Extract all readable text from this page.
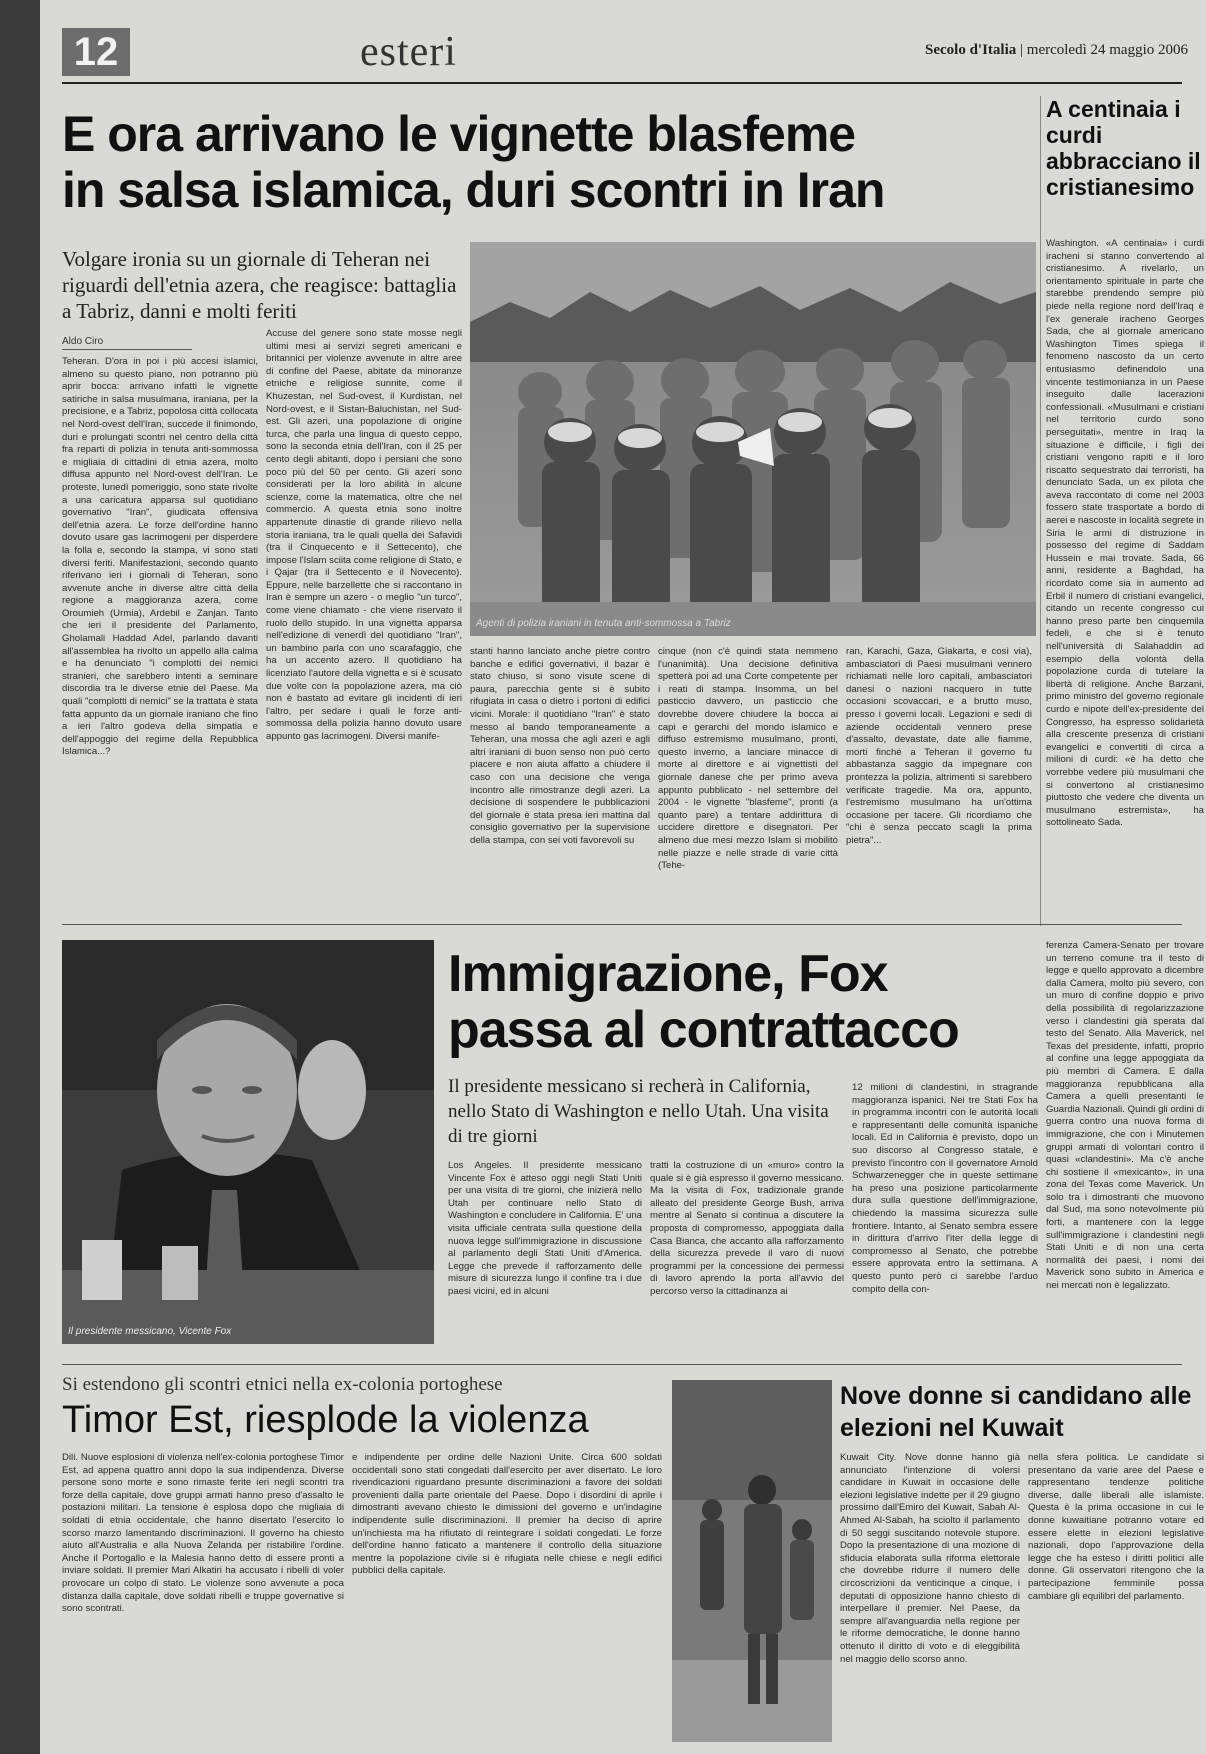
12	esteri	Secolo d'Italia | mercoledì 24 maggio 2006
E ora arrivano le vignette blasfeme
in salsa islamica, duri scontri in Iran
Volgare ironia su un giornale di Teheran nei riguardi dell'etnia azera, che reagisce: battaglia a Tabriz, danni e molti feriti
Aldo Ciro
Teheran. D'ora in poi i più accesi islamici, almeno su questo piano, non potranno più aprir bocca: arrivano infatti le vignette satiriche in salsa musulmana, iraniana, per la precisione, e a Tabriz, popolosa città collocata nel Nord-ovest dell'Iran, succede il finimondo, duri e prolungati scontri nel centro della città fra reparti di polizia in tenuta anti-sommossa e migliaia di cittadini di etnia azera, molto diffusa appunto nel Nord-ovest dell'Iran. Le proteste, lunedì pomeriggio, sono state rivolte a una caricatura apparsa sul quotidiano governativo "Iran", giudicata offensiva dell'etnia azera. Le forze dell'ordine hanno dovuto usare gas lacrimogeni per disperdere la folla e, secondo la stampa, vi sono stati diversi feriti. Manifestazioni, secondo quanto riferivano ieri i giornali di Teheran, sono avvenute anche in diverse altre città della regione a maggioranza azera, come Oroumieh (Urmia), Ardebil e Zanjan. Tanto che ieri il presidente del Parlamento, Gholamali Haddad Adel, parlando davanti all'assemblea ha rivolto un appello alla calma e ha denunciato "i complotti dei nemici stranieri, che sarebbero intenti a seminare discordia tra le diverse etnie del Paese. Ma quali "complotti di nemici" se la trattata è stata fatta appunto da un giornale iraniano che fino a ieri l'altro godeva della simpatia e dell'appoggio del regime della Repubblica Islamica...?
Accuse del genere sono state mosse negli ultimi mesi ai servizi segreti americani e britannici per violenze avvenute in altre aree di confine del Paese, abitate da minoranze etniche e religiose sunnite, come il Khuzestan, nel Sud-ovest, il Kurdistan, nel Nord-ovest, e il Sistan-Baluchistan, nel Sud-est. Gli azeri, una popolazione di origine turca, che parla una lingua di questo ceppo, sono la seconda etnia dell'Iran, con il 25 per cento degli abitanti, dopo i persiani che sono poco più del 50 per cento. Gli azeri sono considerati per la loro abilità in alcune scienze, come la matematica, oltre che nel commercio. A questa etnia sono inoltre appartenute dinastie di grande rilievo nella storia iraniana, tra le quali quella dei Safavidi (tra il Cinquecento e il Settecento), che impose l'Islam sciita come religione di Stato, e i Qajar (tra il Settecento e il Novecento). Eppure, nelle barzellette che si raccontano in Iran è sempre un azero - o meglio "un turco", come viene chiamato - che viene riservato il ruolo dello stupido. In una vignetta apparsa nell'edizione di venerdì del quotidiano "Iran", un bambino parla con uno scarafaggio, che ha un accento azero. Il quotidiano ha licenziato l'autore della vignetta e si è scusato due volte con la popolazione azera, ma ciò non è bastato ad evitare gli incidenti di ieri l'altro, per sedare i quali le forze anti-sommossa della polizia hanno dovuto usare appunto gas lacrimogeni. Diversi manife-
Agenti di polizia iraniani in tenuta anti-sommossa a Tabriz
stanti hanno lanciato anche pietre contro banche e edifici governativi, il bazar è stato chiuso, si sono visute scene di paura, parecchia gente si è subito rifugiata in casa o dietro i portoni di edifici vicini. Morale: il quotidiano "Iran" è stato messo al bando temporaneamente a Teheran, una mossa che agli azeri e agli altri iraniani di buon senso non può certo piacere e non aiuta affatto a chiudere il caso con una decisione che venga incontro alle rimostranze degli azeri. La decisione di sospendere le pubblicazioni del giornale è stata presa ieri mattina dal consiglio governativo per la supervisione della stampa, con sei voti favorevoli su
cinque (non c'è quindi stata nemmeno l'unanimità). Una decisione definitiva spetterà poi ad una Corte competente per i reati di stampa. Insomma, un bel pasticcio davvero, un pasticcio che dovrebbe dovere chiudere la bocca ai capi e gerarchi del mondo islamico e diffuso estremismo musulmano, pronti, questo inverno, a lanciare minacce di morte al direttore e ai vignettisti del giornale danese che per primo aveva appunto pubblicato - nel settembre del 2004 - le vignette "blasfeme", pronti (a quanto pare) a tentare addirittura di uccidere direttore e disegnatori. Per almeno due mesi mezzo Islam si mobilitò nelle piazze e nelle strade di varie città (Tehe-
ran, Karachi, Gaza, Giakarta, e così via), ambasciatori di Paesi musulmani vennero richiamati nelle loro capitali, ambasciatori danesi o nazioni nacquero in tutte occasioni scovaccari, e a brutto muso, presso i governi locali. Legazioni e sedi di aziende occidentali vennero prese d'assalto, devastate, date alle fiamme, morti finché a Teheran il governo fu abbastanza saggio da impegnare con prontezza la polizia, altrimenti si sarebbero verificate tragedie. Ma ora, appunto, l'estremismo musulmano ha un'ottima occasione per tacere. Gli ricordiamo che "chi è senza peccato scagli la prima pietra"...
A centinaia i curdi abbracciano il cristianesimo
Washington. «A centinaia» i curdi iracheni si stanno convertendo al cristianesimo. A rivelarlo, un orientamento spirituale in parte che starebbe prendendo sempre più piede nella regione nord dell'Iraq è l'ex generale iracheno Georges Sada, che al giornale americano Washington Times spiega il fenomeno nascosto da un certo entusiasmo definendolo una vincente testimonianza in un Paese inseguito dalle lacerazioni confessionali. «Musulmani e cristiani nel territorio curdo sono perseguitati», mentre in Iraq la situazione è difficile, i figli dei cristiani vengono rapiti e il loro riscatto sequestrato dai terroristi, ha denunciato Sada, un ex pilota che aveva raccontato di come nel 2003 fossero state trasportate a bordo di aerei e nascoste in località segrete in Siria le armi di distruzione in possesso del regime di Saddam Hussein e mai trovate. Sada, 66 anni, residente a Baghdad, ha ricordato come sia in aumento ad Erbil il numero di cristiani evangelici, citando un recente congresso cui hanno preso parte ben cinquemila fedeli, e che si è tenuto nell'università di Salahaddin ad esempio della volontà della popolazione curda di tutelare la libertà di religione. Anche Barzani, primo ministro del governo regionale curdo e nipote dell'ex-presidente del Congresso, ha espresso solidarietà alla crescente presenza di cristiani evangelici e convertiti di circa a milioni di curdi: «è ha detto che vorrebbe vedere più musulmani che si convertono al cristianesimo piuttosto che vedere che diventa un musulmano estremista», ha sottolineato Sada.
Il presidente messicano, Vicente Fox
Immigrazione, Fox
passa al contrattacco
Il presidente messicano si recherà in California, nello Stato di Washington e nello Utah. Una visita di tre giorni
Los Angeles. Il presidente messicano Vincente Fox è atteso oggi negli Stati Uniti per una visita di tre giorni, che inizierà nello Utah per continuare nello Stato di Washington e concludere in California. E' una visita ufficiale centrata sulla questione della nuova legge sull'immigrazione in discussione al parlamento degli Stati Uniti d'America. Legge che prevede il rafforzamento delle misure di sicurezza lungo il confine tra i due paesi vicini, ed in alcuni
tratti la costruzione di un «muro» contro la quale si è già espresso il governo messicano. Ma la visita di Fox, tradizionale grande alleato del presidente George Bush, arriva mentre al Senato si continua a discutere la proposta di compromesso, appoggiata dalla Casa Bianca, che accanto alla rafforzamento della sicurezza prevede il varo di nuovi programmi per la concessione dei permessi di lavoro aprendo la porta all'avvio del percorso verso la cittadinanza ai
12 milioni di clandestini, in stragrande maggioranza ispanici. Nei tre Stati Fox ha in programma incontri con le autorità locali e rappresentanti delle comunità ispaniche locali. Ed in California è previsto, dopo un suo discorso al Congresso statale, è previsto l'incontro con il governatore Arnold Schwarzenegger che in queste settimane ha preso una posizione particolarmente dura sulla questione dell'immigrazione, chiedendo la massima sicurezza sulle frontiere. Intanto, al Senato sembra essere in dirittura d'arrivo l'iter della legge di compromesso al Senato, che potrebbe essere approvata entro la settimana. A questo punto però ci sarebbe l'arduo compito della con-
ferenza Camera-Senato per trovare un terreno comune tra il testo di legge e quello approvato a dicembre dalla Camera, molto più severo, con un muro di confine doppio e privo della possibilità di regolarizzazione verso i clandestini già sperata dal testo del Senato. Alla Maverick, nel Texas del presidente, infatti, proprio al confine una legge appoggiata da più membri di Camera. E dalla maggioranza repubblicana alla Camera a quelli presentanti le Guardia Nazionali. Quindi gli ordini di guerra contro una nuova forma di immigrazione, che con i Minutemen gruppi armati di volontari contro il quasi «clandestini». Ma c'è anche chi sostiene il «mexicanto», in una zona del Texas come Maverick. Un solo tra i dimostranti che muovono dal Sud, ma sono notevolmente più forti, a mantenere con la legge sull'immigrazione i clandestini negli Stati Uniti e di non una certa normalità dei paesi, i nomi dei Maverick sono subito in America e nei mercati non è legalizzato.
Si estendono gli scontri etnici nella ex-colonia portoghese
Timor Est, riesplode la violenza
Dili. Nuove esplosioni di violenza nell'ex-colonia portoghese Timor Est, ad appena quattro anni dopo la sua indipendenza. Diverse persone sono morte e sono rimaste ferite ieri negli scontri tra forze della capitale, dove gruppi armati hanno preso d'assalto le postazioni militari. La tensione è esplosa dopo che migliaia di soldati di etnia occidentale, che hanno disertato l'esercito lo scorso marzo lamentando discriminazioni. Il governo ha chiesto aiuto all'Australia e alla Nuova Zelanda per ristabilire l'ordine. Anche il Portogallo e la Malesia hanno detto di essere pronti a inviare soldati. Il premier Mari Alkatiri ha accusato i ribelli di voler provocare un colpo di stato. Le violenze sono avvenute a poca distanza dalla capitale, dove soldati ribelli e truppe governative si sono scontrati.
e indipendente per ordine delle Nazioni Unite. Circa 600 soldati occidentali sono stati congedati dall'esercito per aver disertato. Le loro rivendicazioni riguardano presunte discriminazioni a favore dei soldati provenienti dalla parte orientale del Paese. Dopo i disordini di aprile i dimostranti avevano chiesto le dimissioni del governo e un'indagine indipendente sulle discriminazioni. Il premier ha deciso di aprire un'inchiesta ma ha rifiutato di reintegrare i soldati congedati. Le forze dell'ordine hanno faticato a mantenere il controllo della situazione mentre la popolazione civile si è rifugiata nelle chiese e negli edifici pubblici della capitale.
Nove donne si candidano alle elezioni nel Kuwait
Kuwait City. Nove donne hanno già annunciato l'intenzione di volersi candidare in Kuwait in occasione delle elezioni legislative indette per il 29 giugno prossimo dall'Emiro del Kuwait, Sabah Al-Ahmed Al-Sabah, ha sciolto il parlamento di 50 seggi suscitando notevole stupore. Dopo la presentazione di una mozione di sfiducia elaborata sulla riforma elettorale che dovrebbe ridurre il numero delle circoscrizioni da venticinque a cinque, i deputati di opposizione hanno chiesto di interpellare il premier. Nel Paese, da sempre all'avanguardia nella regione per le riforme democratiche, le donne hanno ottenuto il diritto di voto e di eleggibilità nel maggio dello scorso anno.
nella sfera politica. Le candidate si presentano da varie aree del Paese e rappresentano tendenze politiche diverse, dalle liberali alle islamiste. Questa è la prima occasione in cui le donne kuwaitiane potranno votare ed essere elette in elezioni legislative nazionali, dopo l'approvazione della legge che ha esteso i diritti politici alle donne. Gli osservatori ritengono che la partecipazione femminile possa cambiare gli equilibri del parlamento.
